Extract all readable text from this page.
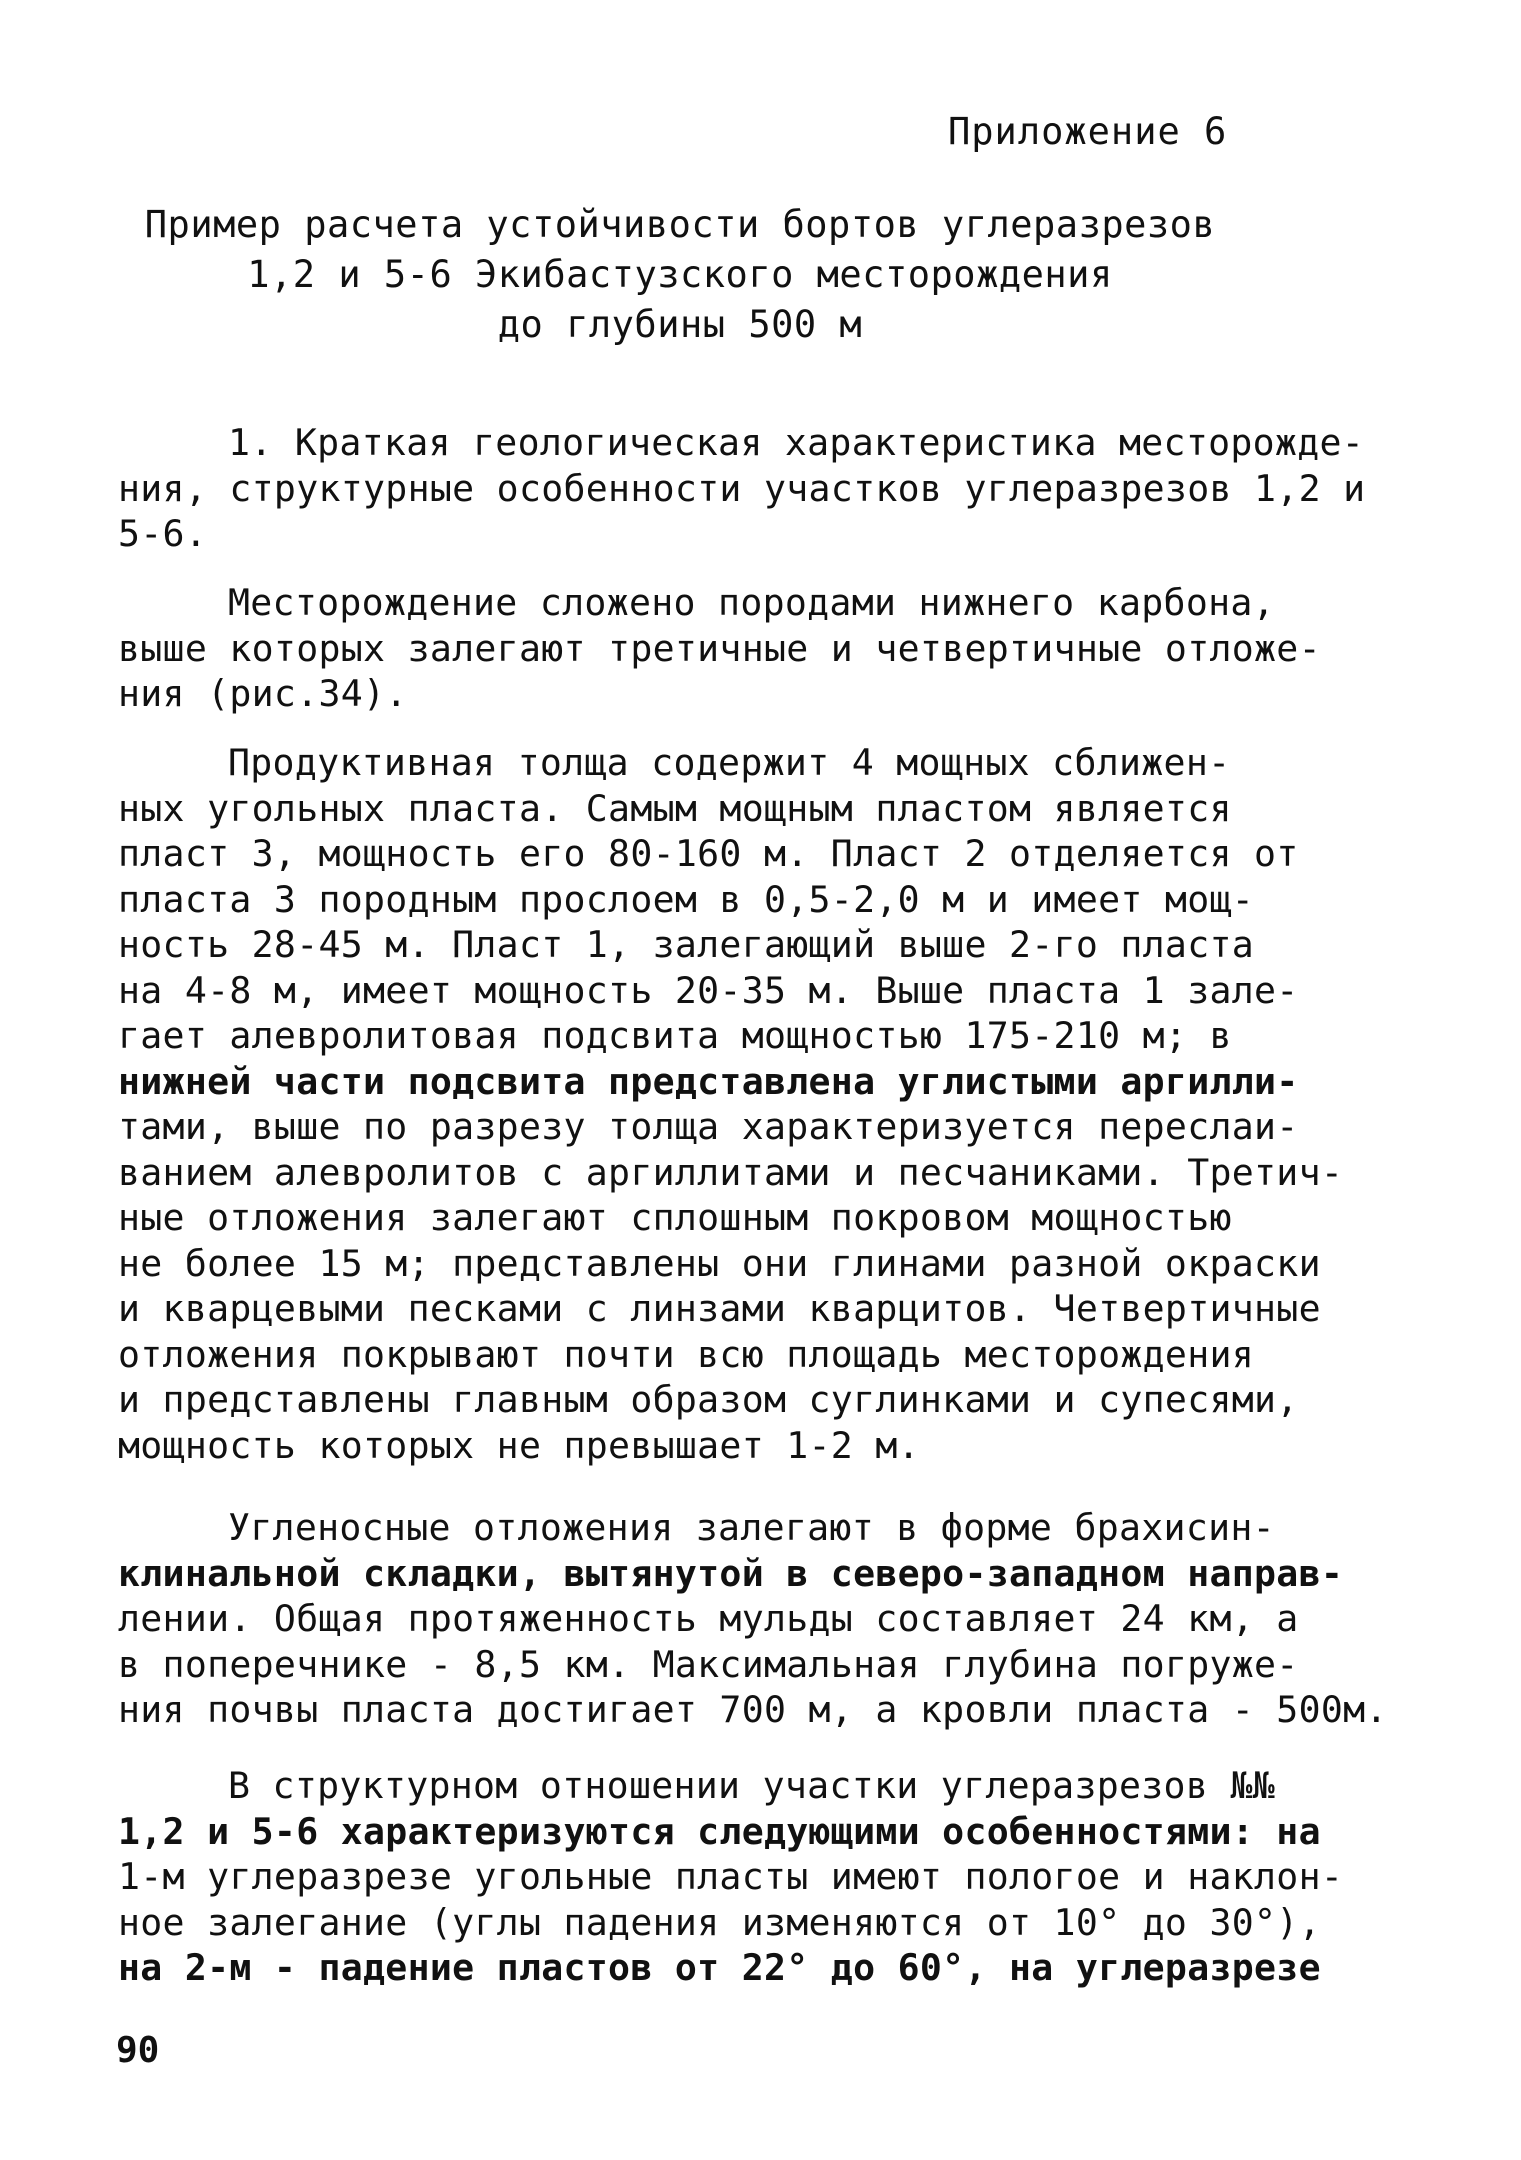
Приложение 6
Пример расчета устойчивости бортов углеразрезов
1,2 и 5-6 Экибастузского месторождения
до глубины 500 м
1. Краткая геологическая характеристика месторожде-
ния, структурные особенности участков углеразрезов 1,2 и
5-6.
Месторождение сложено породами нижнего карбона,
выше которых залегают третичные и четвертичные отложе-
ния (рис.34).
Продуктивная толща содержит 4 мощных сближен-
ных угольных пласта. Самым мощным пластом является
пласт 3, мощность его 80-160 м. Пласт 2 отделяется от
пласта 3 породным прослоем в 0,5-2,0 м и имеет мощ-
ность 28-45 м. Пласт 1, залегающий выше 2-го пласта
на 4-8 м, имеет мощность 20-35 м. Выше пласта 1 зале-
гает алевролитовая подсвита мощностью 175-210 м; в
нижней части подсвита представлена углистыми аргилли-
тами, выше по разрезу толща характеризуется переслаи-
ванием алевролитов с аргиллитами и песчаниками. Третич-
ные отложения залегают сплошным покровом мощностью
не более 15 м; представлены они глинами разной окраски
и кварцевыми песками с линзами кварцитов. Четвертичные
отложения покрывают почти всю площадь месторождения
и представлены главным образом суглинками и супесями,
мощность которых не превышает 1-2 м.
Угленосные отложения залегают в форме брахисин-
клинальной складки, вытянутой в северо-западном направ-
лении. Общая протяженность мульды составляет 24 км, а
в поперечнике - 8,5 км. Максимальная глубина погруже-
ния почвы пласта достигает 700 м, а кровли пласта - 500м.
В структурном отношении участки углеразрезов №№
1,2 и 5-6 характеризуются следующими особенностями: на
1-м углеразрезе угольные пласты имеют пологое и наклон-
ное залегание (углы падения изменяются от 10° до 30°),
на 2-м - падение пластов от 22° до 60°, на углеразрезе
90
